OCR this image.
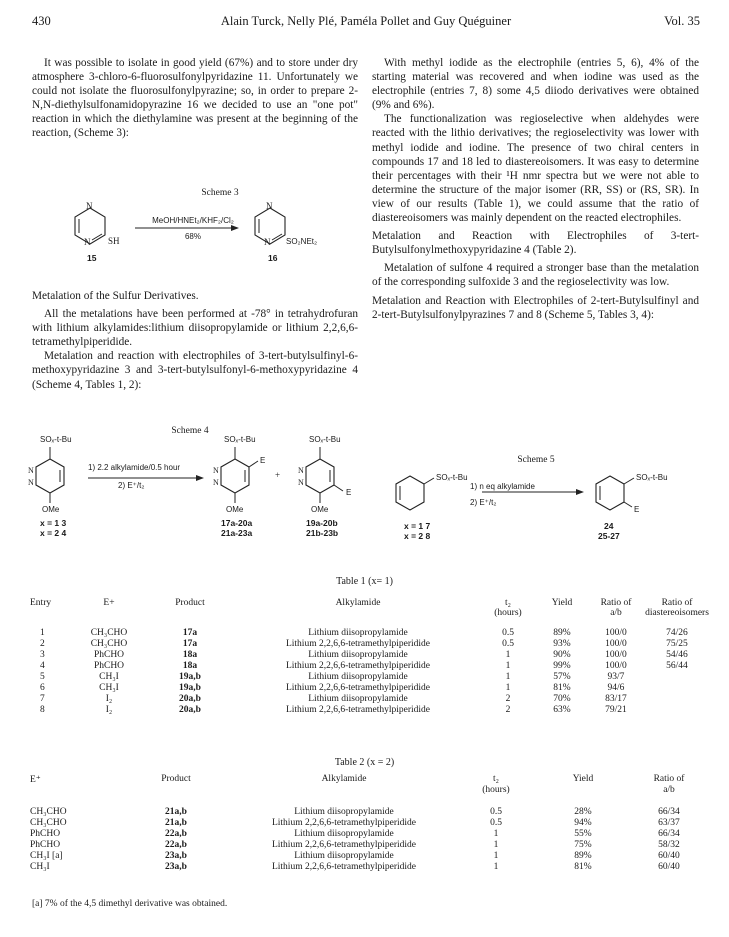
430	Alain Turck, Nelly Plé, Paméla Pollet and Guy Quéguiner	Vol. 35

It was possible to isolate in good yield (67%) and to store under dry atmosphere 3-chloro-6-fluorosulfonylpyridazine 11. Unfortunately we could not isolate the fluorosulfonylpyrazine; so, in order to prepare 2-N,N-diethylsulfonamidopyrazine 16 we decided to use an "one pot" reaction in which the diethylamine was present at the beginning of the reaction, (Scheme 3):

Scheme 3
N
N SH
MeOH/HNEt₂/KHF₂/Cl₂
68%
N
N SO₂NEt₂
15	16

Metalation of the Sulfur Derivatives.

All the metalations have been performed at -78° in tetrahydrofuran with lithium alkylamides:lithium diisopropylamide or lithium 2,2,6,6-tetramethylpiperidide.

Metalation and reaction with electrophiles of 3-tert-butylsulfinyl-6-methoxypyridazine 3 and 3-tert-butylsulfonyl-6-methoxypyridazine 4 (Scheme 4, Tables 1, 2):

With methyl iodide as the electrophile (entries 5, 6), 4% of the starting material was recovered and when iodine was used as the electrophile (entries 7, 8) some 4,5 diiodo derivatives were obtained (9% and 6%).

The functionalization was regioselective when aldehydes were reacted with the lithio derivatives; the regioselectivity was lower with methyl iodide and iodine. The presence of two chiral centers in compounds 17 and 18 led to diastereoisomers. It was easy to determine their percentages with their ¹H nmr spectra but we were not able to determine the structure of the major isomer (RR, SS) or (RS, SR). In view of our results (Table 1), we could assume that the ratio of diastereoisomers was mainly dependent on the reacted electrophiles.

Metalation and Reaction with Electrophiles of 3-tert-Butylsulfonylmethoxypyridazine 4 (Table 2).

Metalation of sulfone 4 required a stronger base than the metalation of the corresponding sulfoxide 3 and the regioselectivity was low.

Metalation and Reaction with Electrophiles of 2-tert-Butylsulfinyl and 2-tert-Butylsulfonylpyrazines 7 and 8 (Scheme 5, Tables 3, 4):

Scheme 4
SOₓ-t-Bu
N
N
OMe
1) 2.2 alkylamide/0.5 hour
2) E⁺/t₂
x = 1 3
x = 2 4
SOₓ-t-Bu
E
N
N
OMe
17a-20a
21a-23a
+
SOₓ-t-Bu
E
N
N
OMe
19a-20b
21b-23b
Scheme 5
SOₓ-t-Bu
1) n eq alkylamide
2) E⁺/t₂
SOₓ-t-Bu
E
x = 1 7
x = 2 8
24
25-27
Table 1 (x= 1)
Entry	E+	Product	Alkylamide	t₂	Yield	Ratio of	Ratio of
				(hours)		a/b	diastereoisomers

1	CH₃CHO	17a	Lithium diisopropylamide	0.5	89%	100/0	74/26
2	CH₃CHO	17a	Lithium 2,2,6,6-tetramethylpiperidide	0.5	93%	100/0	75/25
3	PhCHO	18a	Lithium diisopropylamide	1	90%	100/0	54/46
4	PhCHO	18a	Lithium 2,2,6,6-tetramethylpiperidide	1	99%	100/0	56/44
5	CH₃I	19a,b	Lithium diisopropylamide	1	57%	93/7	
6	CH₃I	19a,b	Lithium 2,2,6,6-tetramethylpiperidide	1	81%	94/6	
7	I₂	20a,b	Lithium diisopropylamide	2	70%	83/17	
8	I₂	20a,b	Lithium 2,2,6,6-tetramethylpiperidide	2	63%	79/21	
Table 2 (x = 2)
E⁺	Product	Alkylamide	t₂	Yield	Ratio of
			(hours)		a/b

CH₃CHO	21a,b	Lithium diisopropylamide	0.5	28%	66/34
CH₃CHO	21a,b	Lithium 2,2,6,6-tetramethylpiperidide	0.5	94%	63/37
PhCHO	22a,b	Lithium diisopropylamide	1	55%	66/34
PhCHO	22a,b	Lithium 2,2,6,6-tetramethylpiperidide	1	75%	58/32
CH₃I [a]	23a,b	Lithium diisopropylamide	1	89%	60/40
CH₃I	23a,b	Lithium 2,2,6,6-tetramethylpiperidide	1	81%	60/40
[a] 7% of the 4,5 dimethyl derivative was obtained.
